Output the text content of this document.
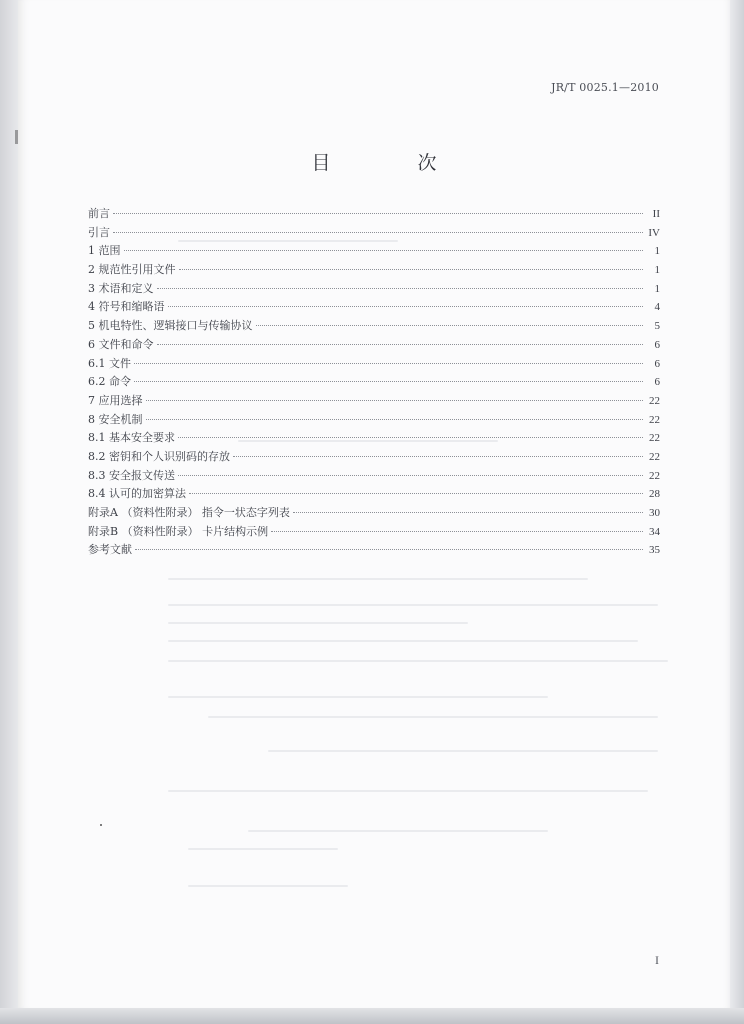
JR/T 0025.1—2010
目　次
前言	II
引言	IV
1 范围	1
2 规范性引用文件	1
3 术语和定义	1
4 符号和缩略语	4
5 机电特性、逻辑接口与传输协议	5
6 文件和命令	6
6.1 文件	6
6.2 命令	6
7 应用选择	22
8 安全机制	22
8.1 基本安全要求	22
8.2 密钥和个人识别码的存放	22
8.3 安全报文传送	22
8.4 认可的加密算法	28
附录A （资料性附录） 指令一状态字列表	30
附录B （资料性附录） 卡片结构示例	34
参考文献	35
I
